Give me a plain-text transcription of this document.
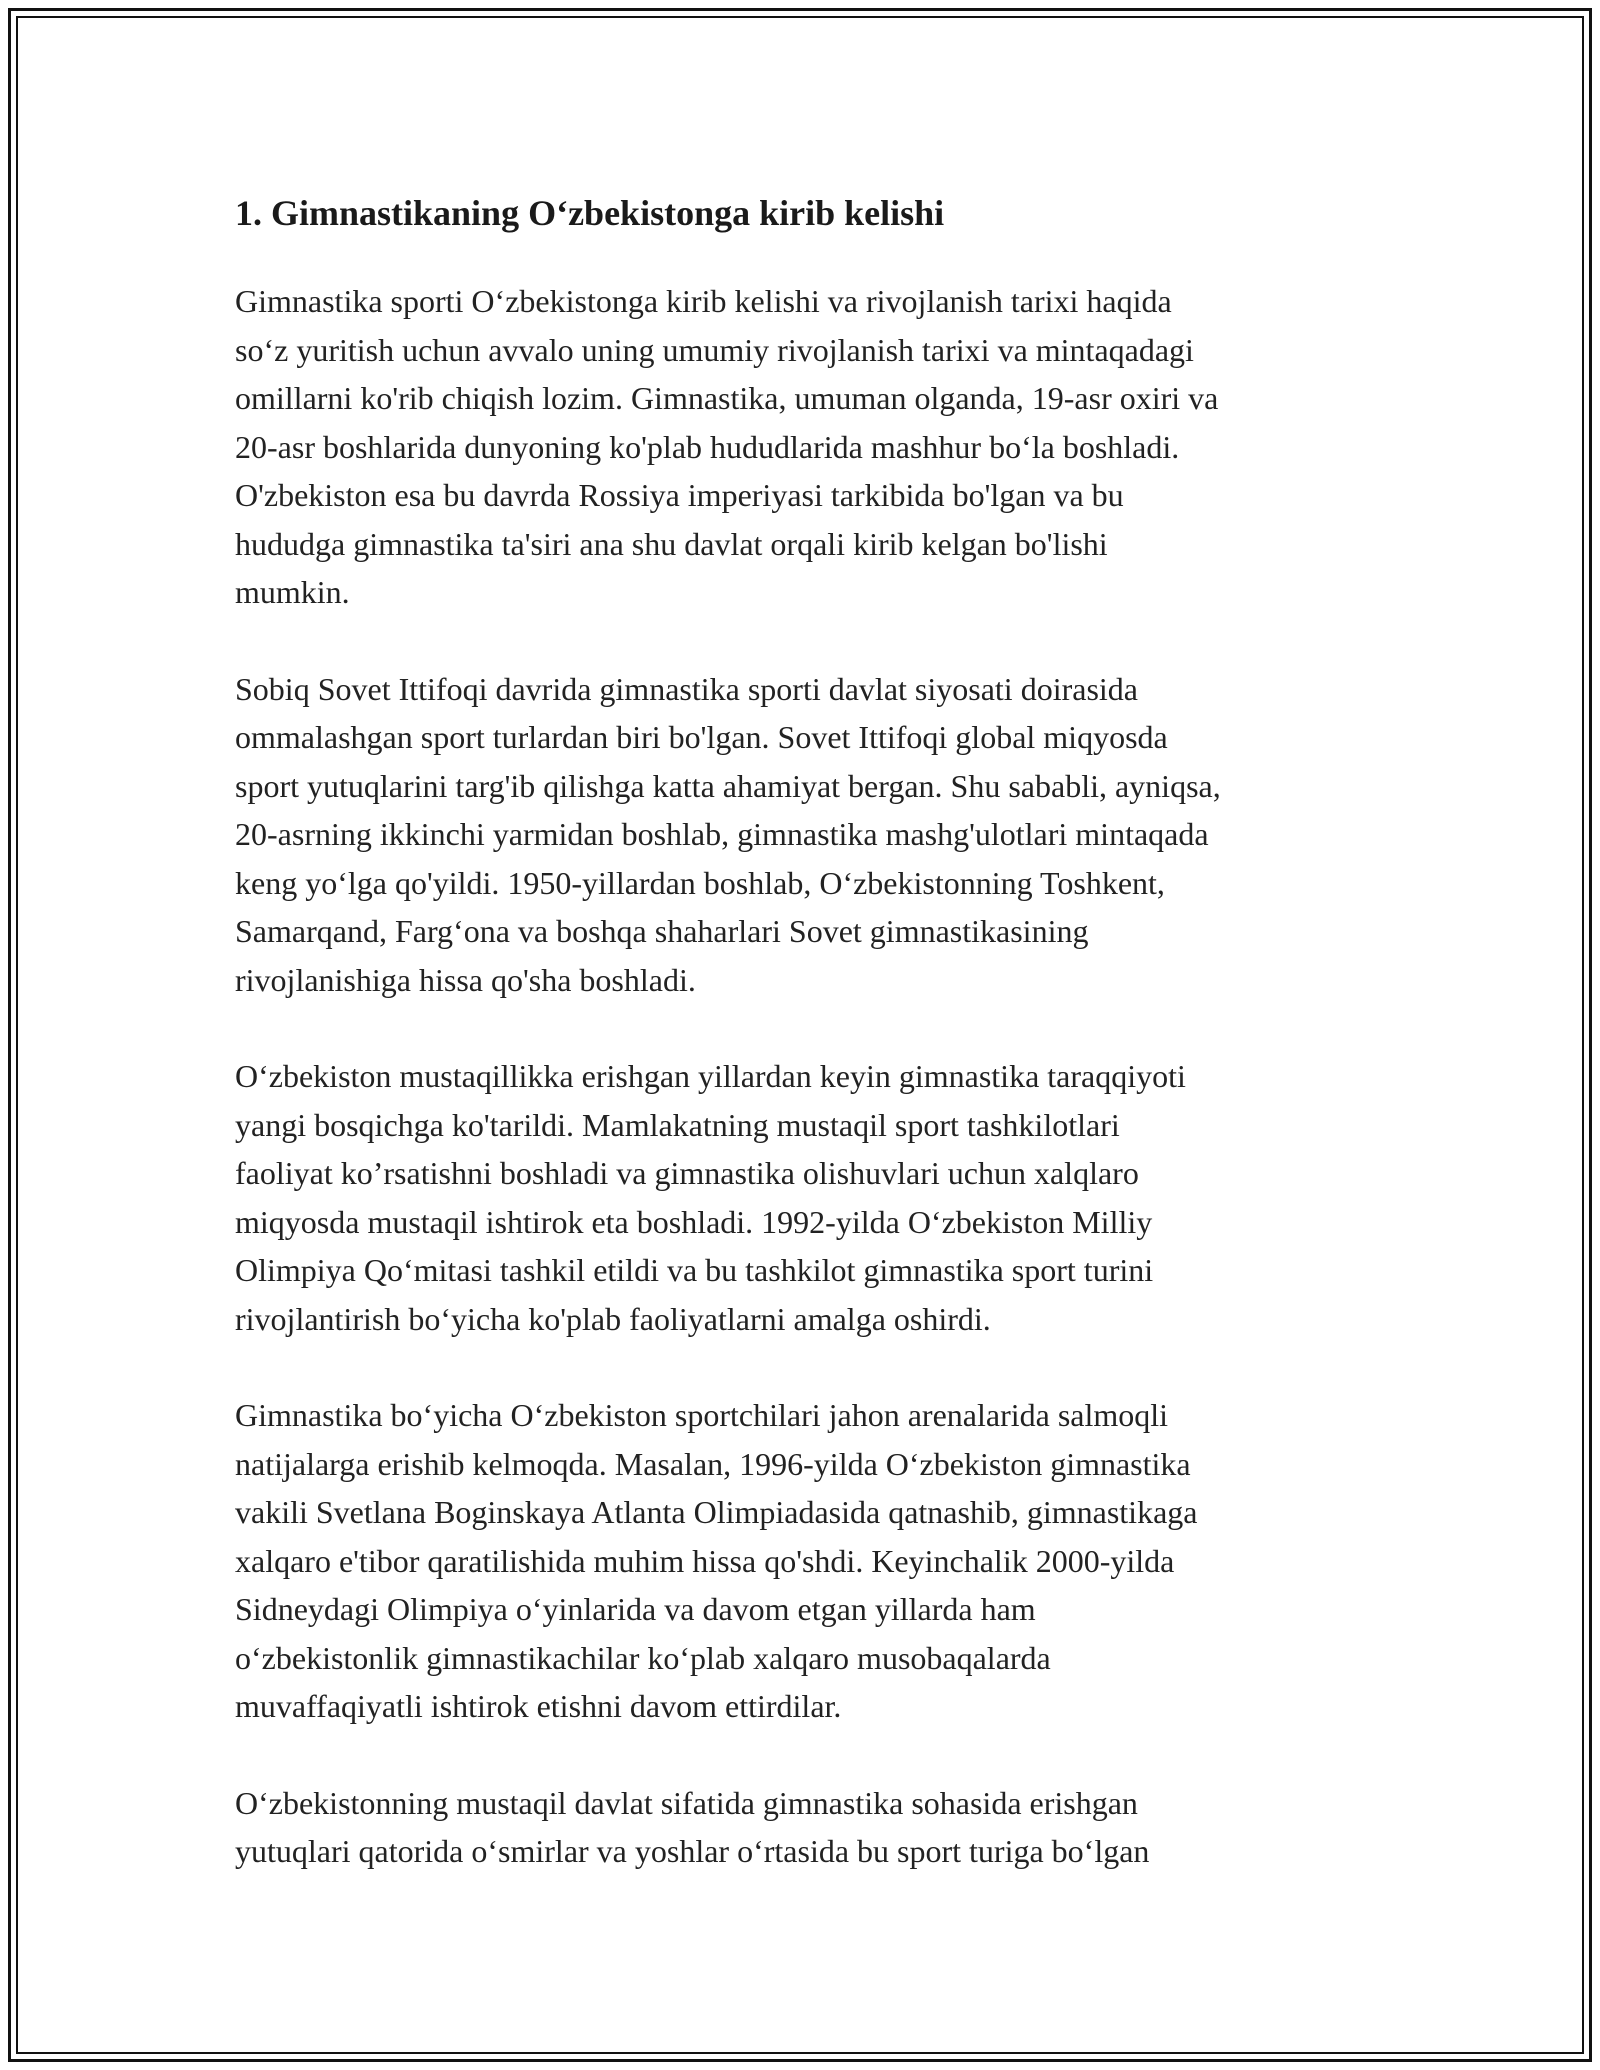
1. Gimnastikaning O‘zbekistonga kirib kelishi
Gimnastika sporti O‘zbekistonga kirib kelishi va rivojlanish tarixi haqida
so‘z yuritish uchun avvalo uning umumiy rivojlanish tarixi va mintaqadagi
omillarni ko'rib chiqish lozim. Gimnastika, umuman olganda, 19-asr oxiri va
20-asr boshlarida dunyoning ko'plab hududlarida mashhur bo‘la boshladi.
O'zbekiston esa bu davrda Rossiya imperiyasi tarkibida bo'lgan va bu
hududga gimnastika ta'siri ana shu davlat orqali kirib kelgan bo'lishi
mumkin.
Sobiq Sovet Ittifoqi davrida gimnastika sporti davlat siyosati doirasida
ommalashgan sport turlardan biri bo'lgan. Sovet Ittifoqi global miqyosda
sport yutuqlarini targ'ib qilishga katta ahamiyat bergan. Shu sababli, ayniqsa,
20-asrning ikkinchi yarmidan boshlab, gimnastika mashg'ulotlari mintaqada
keng yo‘lga qo'yildi. 1950-yillardan boshlab, O‘zbekistonning Toshkent,
Samarqand, Farg‘ona va boshqa shaharlari Sovet gimnastikasining
rivojlanishiga hissa qo'sha boshladi.
O‘zbekiston mustaqillikka erishgan yillardan keyin gimnastika taraqqiyoti
yangi bosqichga ko'tarildi. Mamlakatning mustaqil sport tashkilotlari
faoliyat ko’rsatishni boshladi va gimnastika olishuvlari uchun xalqlaro
miqyosda mustaqil ishtirok eta boshladi. 1992-yilda O‘zbekiston Milliy
Olimpiya Qo‘mitasi tashkil etildi va bu tashkilot gimnastika sport turini
rivojlantirish bo‘yicha ko'plab faoliyatlarni amalga oshirdi.
Gimnastika bo‘yicha O‘zbekiston sportchilari jahon arenalarida salmoqli
natijalarga erishib kelmoqda. Masalan, 1996-yilda O‘zbekiston gimnastika
vakili Svetlana Boginskaya Atlanta Olimpiadasida qatnashib, gimnastikaga
xalqaro e'tibor qaratilishida muhim hissa qo'shdi. Keyinchalik 2000-yilda
Sidneydagi Olimpiya o‘yinlarida va davom etgan yillarda ham
o‘zbekistonlik gimnastikachilar ko‘plab xalqaro musobaqalarda
muvaffaqiyatli ishtirok etishni davom ettirdilar.
O‘zbekistonning mustaqil davlat sifatida gimnastika sohasida erishgan
yutuqlari qatorida o‘smirlar va yoshlar o‘rtasida bu sport turiga bo‘lgan
